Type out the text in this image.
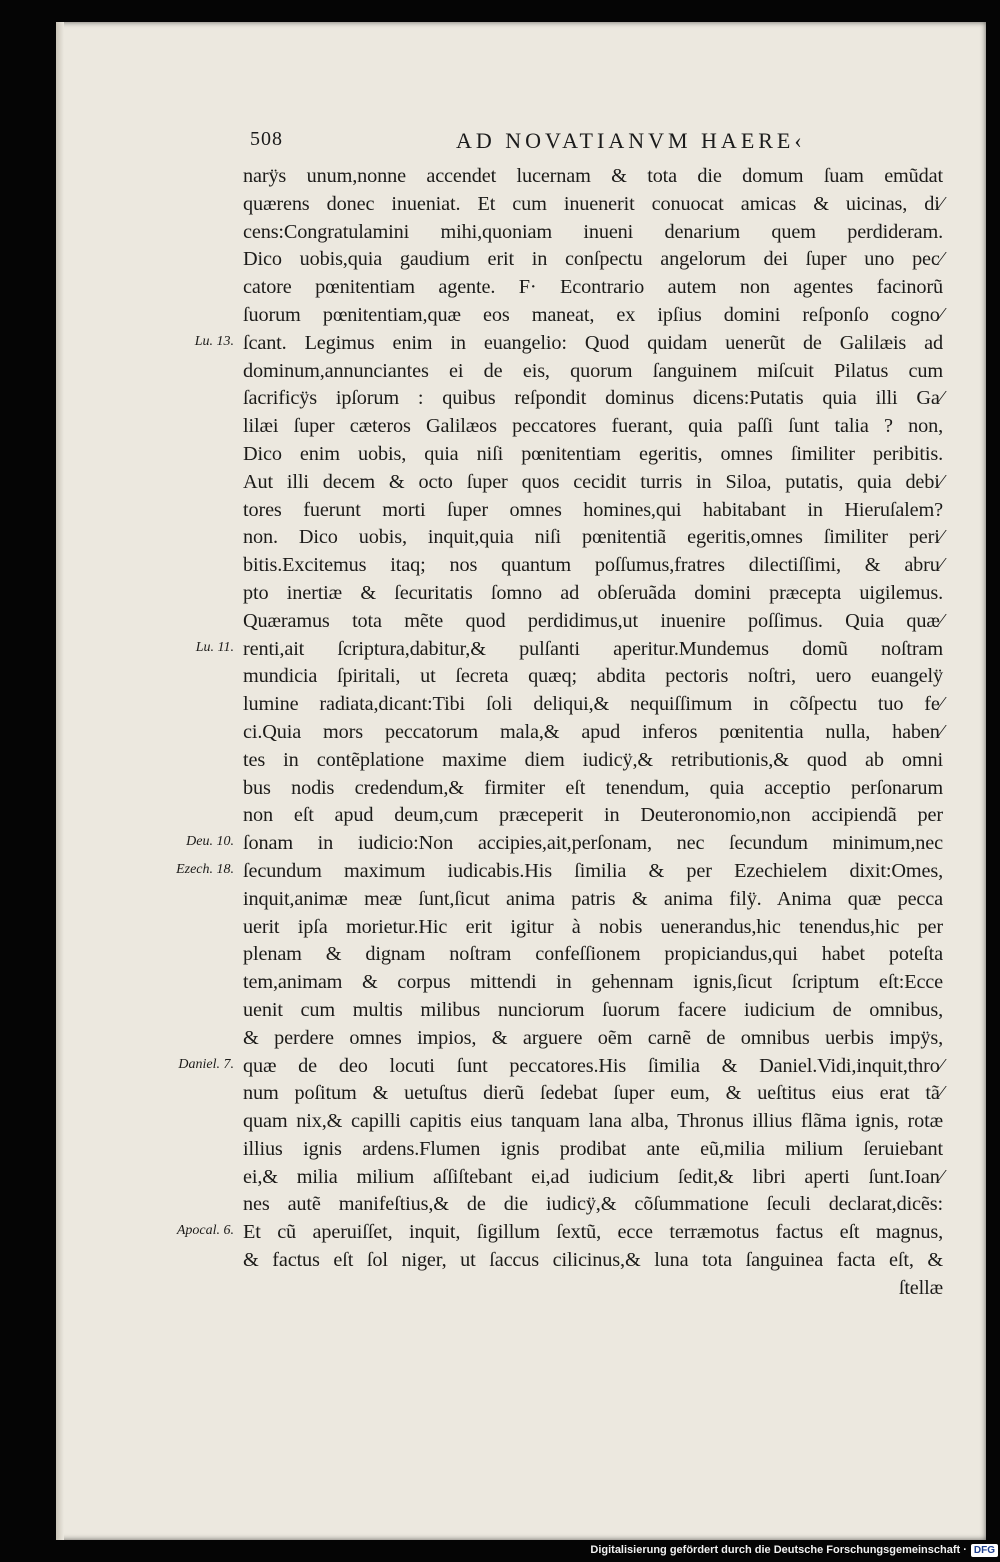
508	AD NOVATIANVM HAERE‹
narÿs unum,nonne accendet lucernam & tota die domum ſuam emũdat
quærens donec inueniat. Et cum inuenerit conuocat amicas & uicinas, di⁄
cens:Congratulamini mihi,quoniam inueni denarium quem perdideram.
Dico uobis,quia gaudium erit in conſpectu angelorum dei ſuper uno pec⁄
catore pœnitentiam agente. F· Econtrario autem non agentes facinorũ
ſuorum pœnitentiam,quæ eos maneat, ex ipſius domini reſponſo cogno⁄
ſcant. Legimus enim in euangelio: Quod quidam uenerũt de Galilæis ad
dominum,annunciantes ei de eis, quorum ſanguinem miſcuit Pilatus cum
ſacrificÿs ipſorum : quibus reſpondit dominus dicens:Putatis quia illi Ga⁄
lilæi ſuper cæteros Galilæos peccatores fuerant, quia paſſi ſunt talia ? non,
Dico enim uobis, quia niſi pœnitentiam egeritis, omnes ſimiliter peribitis.
Aut illi decem & octo ſuper quos cecidit turris in Siloa, putatis, quia debi⁄
tores fuerunt morti ſuper omnes homines,qui habitabant in Hieruſalem?
non. Dico uobis, inquit,quia niſi pœnitentiã egeritis,omnes ſimiliter peri⁄
bitis.Excitemus itaq; nos quantum poſſumus,fratres dilectiſſimi, & abru⁄
pto inertiæ & ſecuritatis ſomno ad obſeruãda domini præcepta uigilemus.
Quæramus tota mẽte quod perdidimus,ut inuenire poſſimus. Quia quæ⁄
renti,ait ſcriptura,dabitur,& pulſanti aperitur.Mundemus domũ noſtram
mundicia ſpiritali, ut ſecreta quæq; abdita pectoris noſtri, uero euangelÿ
lumine radiata,dicant:Tibi ſoli deliqui,& nequiſſimum in cõſpectu tuo fe⁄
ci.Quia mors peccatorum mala,& apud inferos pœnitentia nulla, haben⁄
tes in contẽplatione maxime diem iudicÿ,& retributionis,& quod ab omni
bus nodis credendum,& firmiter eſt tenendum, quia acceptio perſonarum
non eſt apud deum,cum præceperit in Deuteronomio,non accipiendã per
ſonam in iudicio:Non accipies,ait,perſonam, nec ſecundum minimum,nec
ſecundum maximum iudicabis.His ſimilia & per Ezechielem dixit:Omes,
inquit,animæ meæ ſunt,ſicut anima patris & anima filÿ. Anima quæ pecca
uerit ipſa morietur.Hic erit igitur à nobis uenerandus,hic tenendus,hic per
plenam & dignam noſtram confeſſionem propiciandus,qui habet poteſta
tem,animam & corpus mittendi in gehennam ignis,ſicut ſcriptum eſt:Ecce
uenit cum multis milibus nunciorum ſuorum facere iudicium de omnibus,
& perdere omnes impios, & arguere oẽm carnẽ de omnibus uerbis impÿs,
quæ de deo locuti ſunt peccatores.His ſimilia & Daniel.Vidi,inquit,thro⁄
num poſitum & uetuſtus dierũ ſedebat ſuper eum, & ueſtitus eius erat tã⁄
quam nix,& capilli capitis eius tanquam lana alba, Thronus illius flãma ignis, rotæ
illius ignis ardens.Flumen ignis prodibat ante eũ,milia milium ſeruiebant
ei,& milia milium aſſiſtebant ei,ad iudicium ſedit,& libri aperti ſunt.Ioan⁄
nes autẽ manifeſtius,& de die iudicÿ,& cõſummatione ſeculi declarat,dicẽs:
Et cũ aperuiſſet, inquit, ſigillum ſextũ, ecce terræmotus factus eſt magnus,
& factus eſt ſol niger, ut ſaccus cilicinus,& luna tota ſanguinea facta eſt, &
ſtellæ
Lu. 13.
Lu. 11.
Deu. 10.
Ezech. 18.
Daniel. 7.
Apocal. 6.
Digitalisierung gefördert durch die Deutsche Forschungsgemeinschaft · DFG
